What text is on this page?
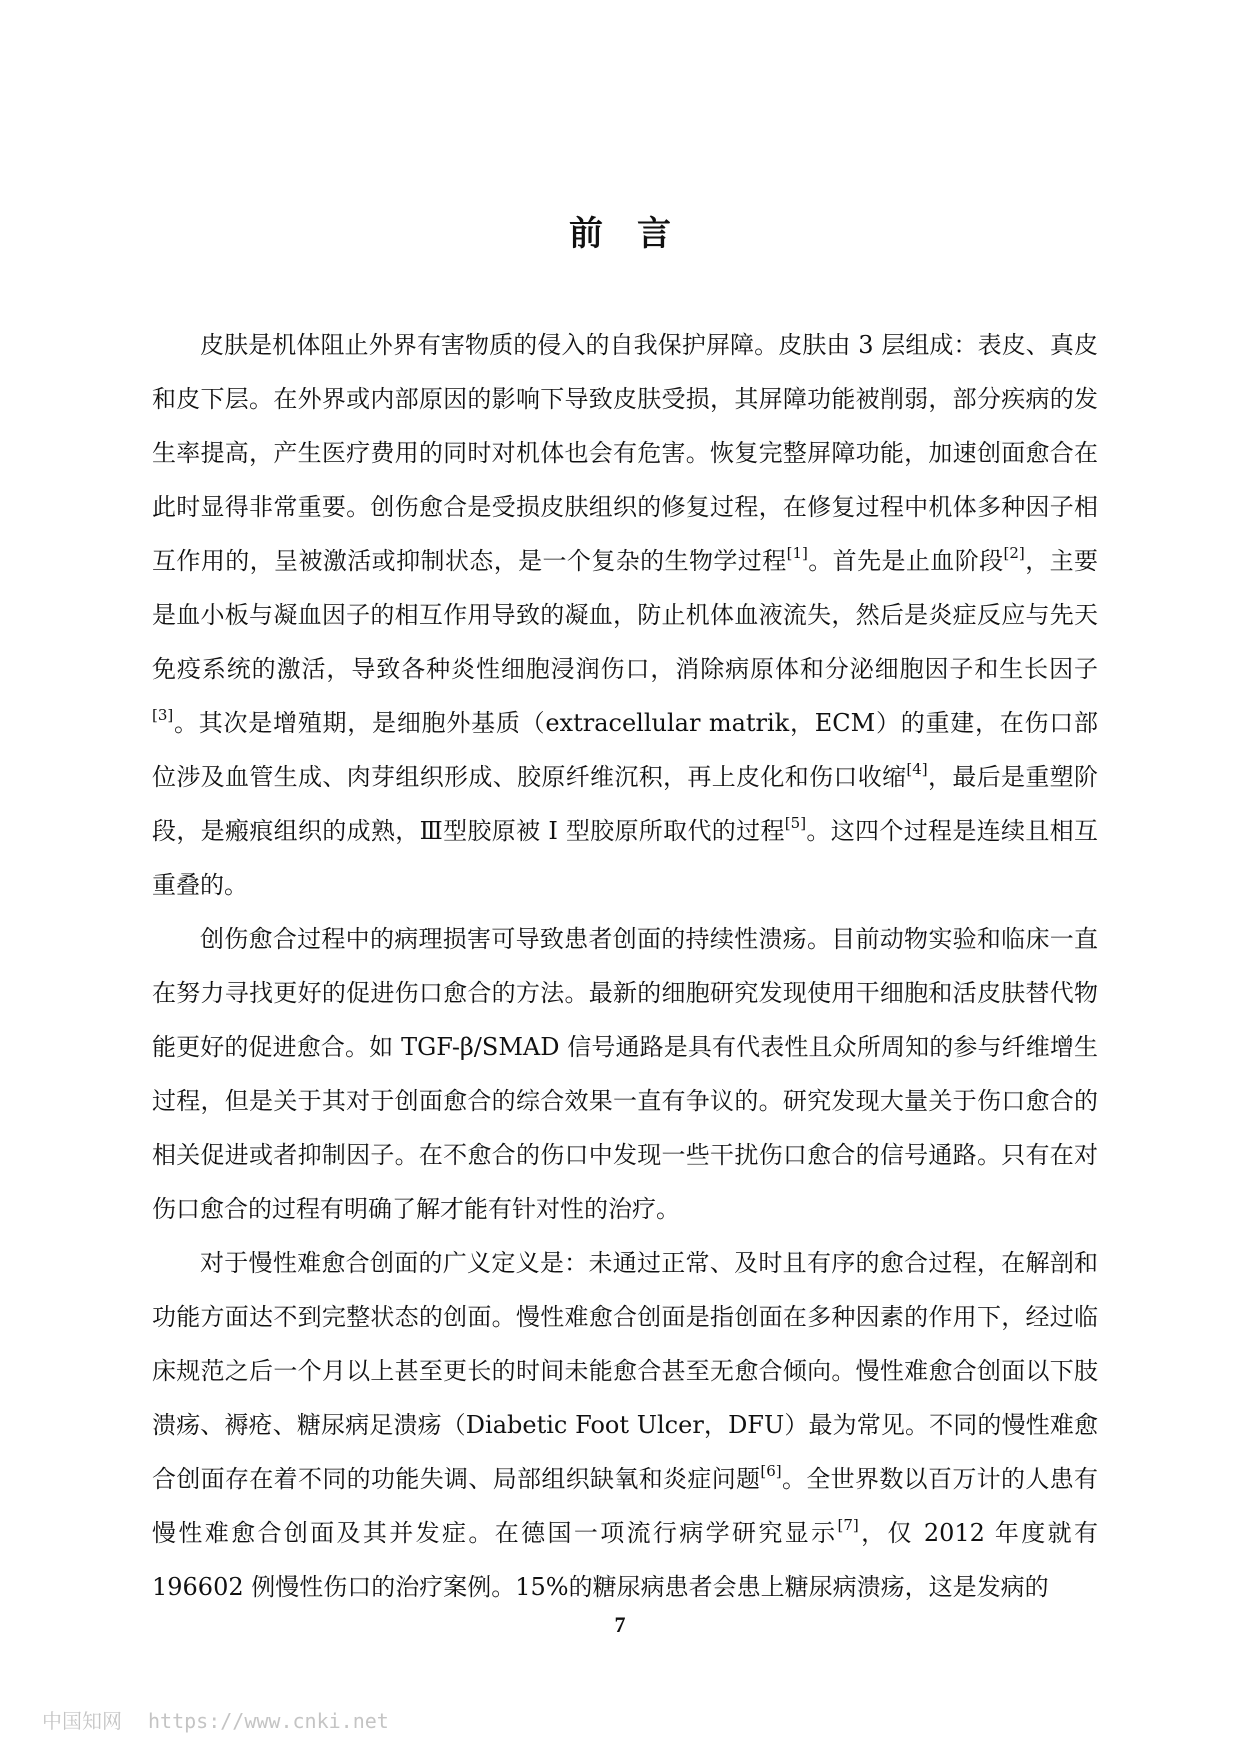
前言

皮肤是机体阻止外界有害物质的侵入的自我保护屏障。皮肤由 3 层组成：表皮、真皮和皮下层。在外界或内部原因的影响下导致皮肤受损，其屏障功能被削弱，部分疾病的发生率提高，产生医疗费用的同时对机体也会有危害。恢复完整屏障功能，加速创面愈合在此时显得非常重要。创伤愈合是受损皮肤组织的修复过程，在修复过程中机体多种因子相互作用的，呈被激活或抑制状态，是一个复杂的生物学过程[1]。首先是止血阶段[2]，主要是血小板与凝血因子的相互作用导致的凝血，防止机体血液流失，然后是炎症反应与先天免疫系统的激活，导致各种炎性细胞浸润伤口，消除病原体和分泌细胞因子和生长因子[3]。其次是增殖期，是细胞外基质（extracellular matrik，ECM）的重建，在伤口部位涉及血管生成、肉芽组织形成、胶原纤维沉积，再上皮化和伤口收缩[4]，最后是重塑阶段，是瘢痕组织的成熟，Ⅲ型胶原被 I 型胶原所取代的过程[5]。这四个过程是连续且相互重叠的。

创伤愈合过程中的病理损害可导致患者创面的持续性溃疡。目前动物实验和临床一直在努力寻找更好的促进伤口愈合的方法。最新的细胞研究发现使用干细胞和活皮肤替代物能更好的促进愈合。如 TGF-β/SMAD 信号通路是具有代表性且众所周知的参与纤维增生过程，但是关于其对于创面愈合的综合效果一直有争议的。研究发现大量关于伤口愈合的相关促进或者抑制因子。在不愈合的伤口中发现一些干扰伤口愈合的信号通路。只有在对伤口愈合的过程有明确了解才能有针对性的治疗。

对于慢性难愈合创面的广义定义是：未通过正常、及时且有序的愈合过程，在解剖和功能方面达不到完整状态的创面。慢性难愈合创面是指创面在多种因素的作用下，经过临床规范之后一个月以上甚至更长的时间未能愈合甚至无愈合倾向。慢性难愈合创面以下肢溃疡、褥疮、糖尿病足溃疡（Diabetic Foot Ulcer，DFU）最为常见。不同的慢性难愈合创面存在着不同的功能失调、局部组织缺氧和炎症问题[6]。全世界数以百万计的人患有慢性难愈合创面及其并发症。在德国一项流行病学研究显示[7]，仅 2012 年度就有 196602 例慢性伤口的治疗案例。15%的糖尿病患者会患上糖尿病溃疡，这是发病的

7
中国知网 https://www.cnki.net
